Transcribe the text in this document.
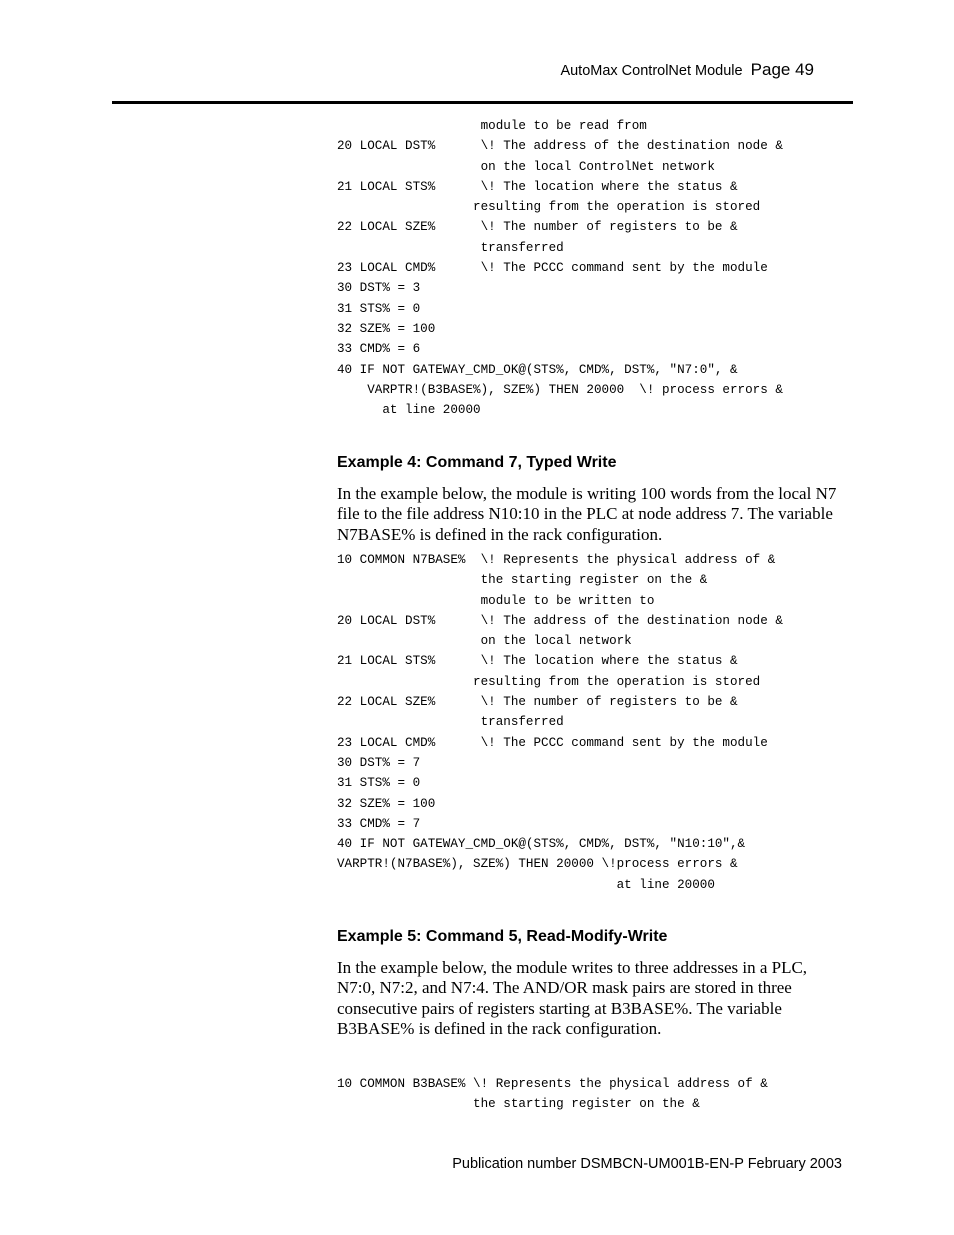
AutoMax ControlNet Module Page 49
module to be read from
20 LOCAL DST%      \! The address of the destination node &
on the local ControlNet network
21 LOCAL STS%      \! The location where the status &
resulting from the operation is stored
22 LOCAL SZE%      \! The number of registers to be &
transferred
23 LOCAL CMD%      \! The PCCC command sent by the module
30 DST% = 3
31 STS% = 0
32 SZE% = 100
33 CMD% = 6
40 IF NOT GATEWAY_CMD_OK@(STS%, CMD%, DST%, "N7:0", &
VARPTR!(B3BASE%), SZE%) THEN 20000  \! process errors &
at line 20000
Example 4: Command 7, Typed Write
In the example below, the module is writing 100 words from the local N7
file to the file address N10:10 in the PLC at node address 7. The variable
N7BASE% is defined in the rack configuration.
10 COMMON N7BASE%  \! Represents the physical address of &
the starting register on the &
module to be written to
20 LOCAL DST%      \! The address of the destination node &
on the local network
21 LOCAL STS%      \! The location where the status &
resulting from the operation is stored
22 LOCAL SZE%      \! The number of registers to be &
transferred
23 LOCAL CMD%      \! The PCCC command sent by the module
30 DST% = 7
31 STS% = 0
32 SZE% = 100
33 CMD% = 7
40 IF NOT GATEWAY_CMD_OK@(STS%, CMD%, DST%, "N10:10",&
VARPTR!(N7BASE%), SZE%) THEN 20000 \!process errors &
at line 20000
Example 5: Command 5, Read-Modify-Write
In the example below, the module writes to three addresses in a PLC,
N7:0, N7:2, and N7:4. The AND/OR mask pairs are stored in three
consecutive pairs of registers starting at B3BASE%. The variable
B3BASE% is defined in the rack configuration.
10 COMMON B3BASE% \! Represents the physical address of &
the starting register on the &
Publication number DSMBCN-UM001B-EN-P February 2003
